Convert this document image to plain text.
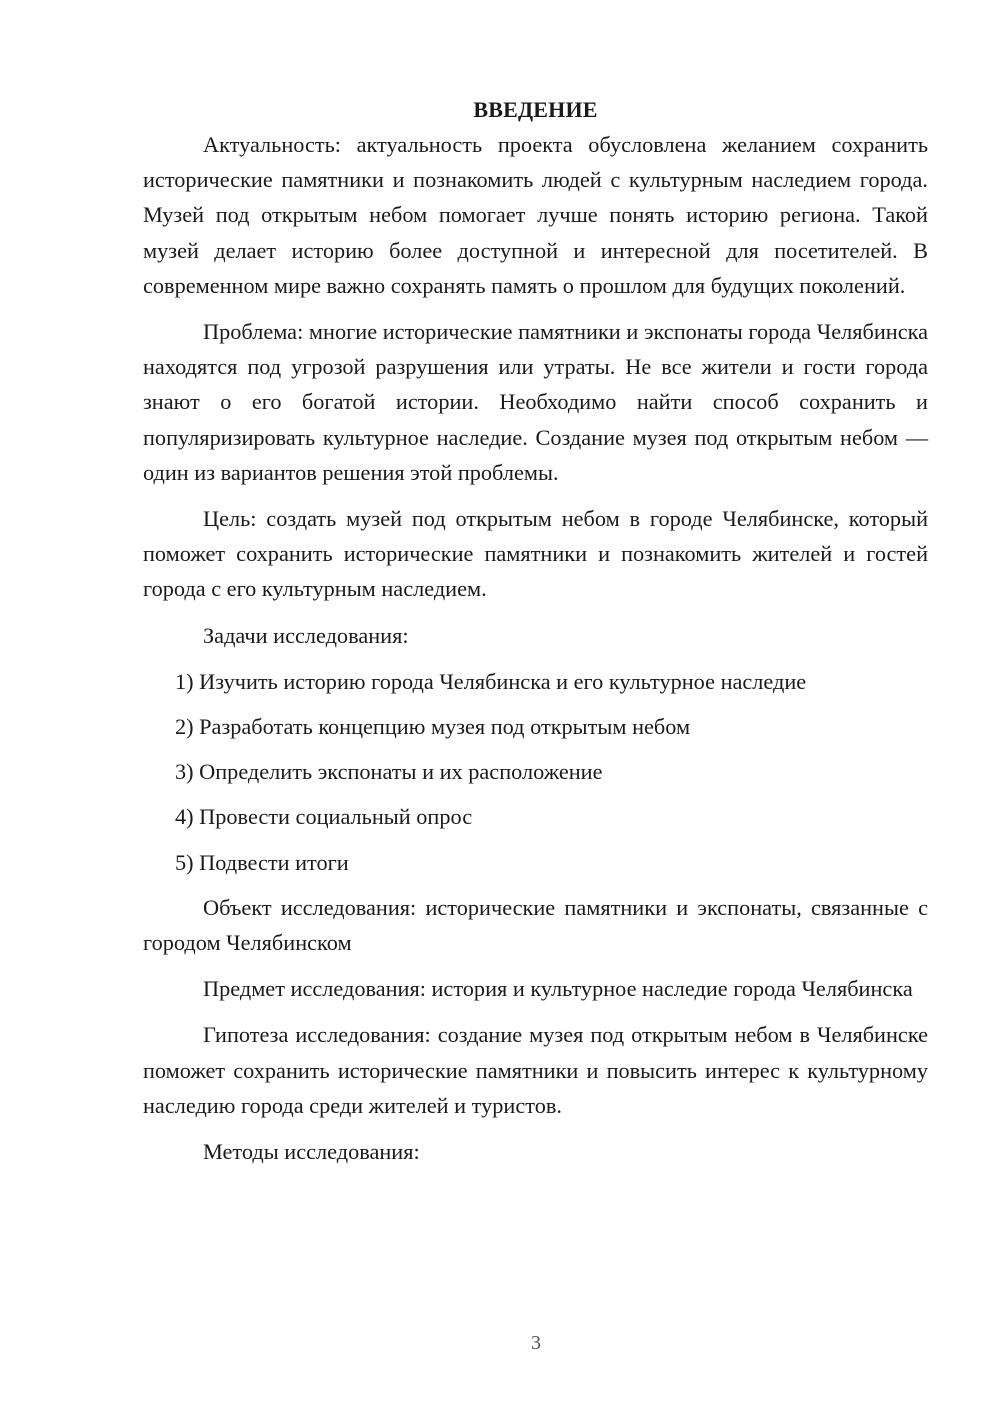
ВВЕДЕНИЕ

Актуальность: актуальность проекта обусловлена желанием сохранить исторические памятники и познакомить людей с культурным наследием города. Музей под открытым небом помогает лучше понять историю региона. Такой музей делает историю более доступной и интересной для посетителей. В современном мире важно сохранять память о прошлом для будущих поколений.

Проблема: многие исторические памятники и экспонаты города Челябинска находятся под угрозой разрушения или утраты. Не все жители и гости города знают о его богатой истории. Необходимо найти способ сохранить и популяризировать культурное наследие. Создание музея под открытым небом — один из вариантов решения этой проблемы.

Цель: создать музей под открытым небом в городе Челябинске, который поможет сохранить исторические памятники и познакомить жителей и гостей города с его культурным наследием.

Задачи исследования:

1) Изучить историю города Челябинска и его культурное наследие
2) Разработать концепцию музея под открытым небом
3) Определить экспонаты и их расположение
4) Провести социальный опрос
5) Подвести итоги

Объект исследования: исторические памятники и экспонаты, связанные с городом Челябинском

Предмет исследования: история и культурное наследие города Челябинска

Гипотеза исследования: создание музея под открытым небом в Челябинске поможет сохранить исторические памятники и повысить интерес к культурному наследию города среди жителей и туристов.

Методы исследования:

3
